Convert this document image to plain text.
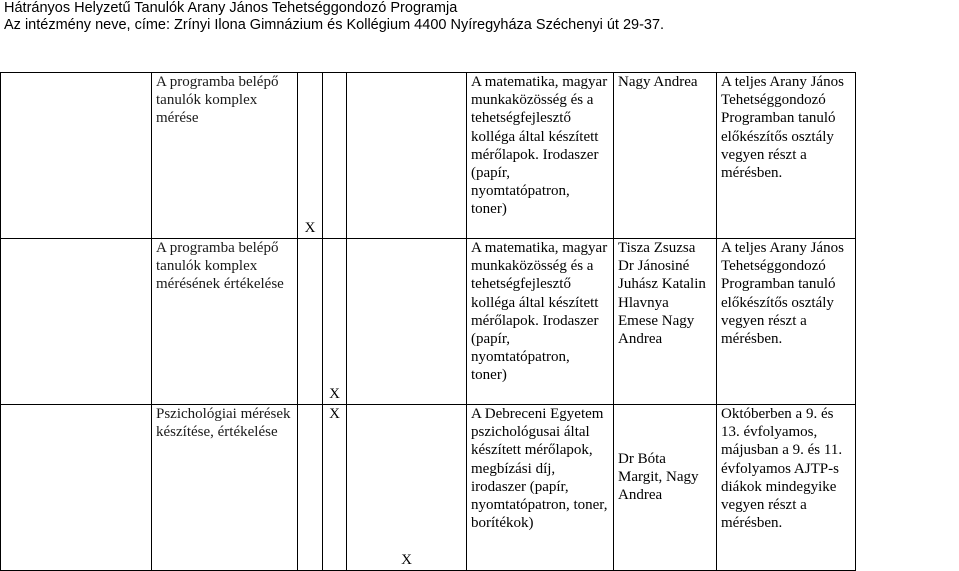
Hátrányos Helyzetű Tanulók Arany János Tehetséggondozó Programja
Az intézmény neve, címe: Zrínyi Ilona Gimnázium és Kollégium 4400 Nyíregyháza Széchenyi út 29-37.
	A programba belépő tanulók komplex mérése	X			A matematika, magyar munkaközösség és a tehetségfejlesztő kolléga által készített mérőlapok. Irodaszer (papír, nyomtatópatron, toner)	Nagy Andrea	A teljes Arany János Tehetséggondozó Programban tanuló előkészítős osztály vegyen részt a mérésben.
	A programba belépő tanulók komplex mérésének értékelése		X		A matematika, magyar munkaközösség és a tehetségfejlesztő kolléga által készített mérőlapok. Irodaszer (papír, nyomtatópatron, toner)	Tisza Zsuzsa Dr Jánosiné Juhász Katalin Hlavnya Emese Nagy Andrea	A teljes Arany János Tehetséggondozó Programban tanuló előkészítős osztály vegyen részt a mérésben.
	Pszichológiai mérések készítése, értékelése		X	X	A Debreceni Egyetem pszichológusai által készített mérőlapok, megbízási díj, irodaszer (papír, nyomtatópatron, toner, borítékok)	Dr Bóta Margit, Nagy Andrea	Októberben a 9. és 13. évfolyamos, májusban a 9. és 11. évfolyamos AJTP-s diákok mindegyike vegyen részt a mérésben.
